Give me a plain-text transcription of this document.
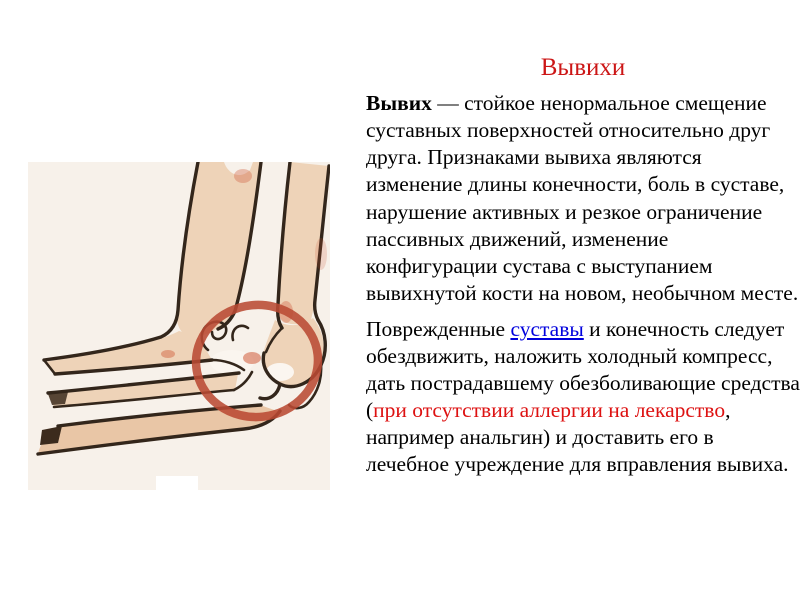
Вывихи

Вывих — стойкое ненормальное смещение суставных поверхностей относительно друг друга. Признаками вывиха являются изменение длины конечности, боль в суставе, нарушение активных и резкое ограничение пассивных движений, изменение конфигурации сустава с выступанием вывихнутой кости на новом, необычном месте.

Поврежденные суставы и конечность следует обездвижить, наложить холодный компресс, дать пострадавшему обезболивающие средства (при отсутствии аллергии на лекарство, например анальгин) и доставить его в лечебное учреждение для вправления вывиха.
